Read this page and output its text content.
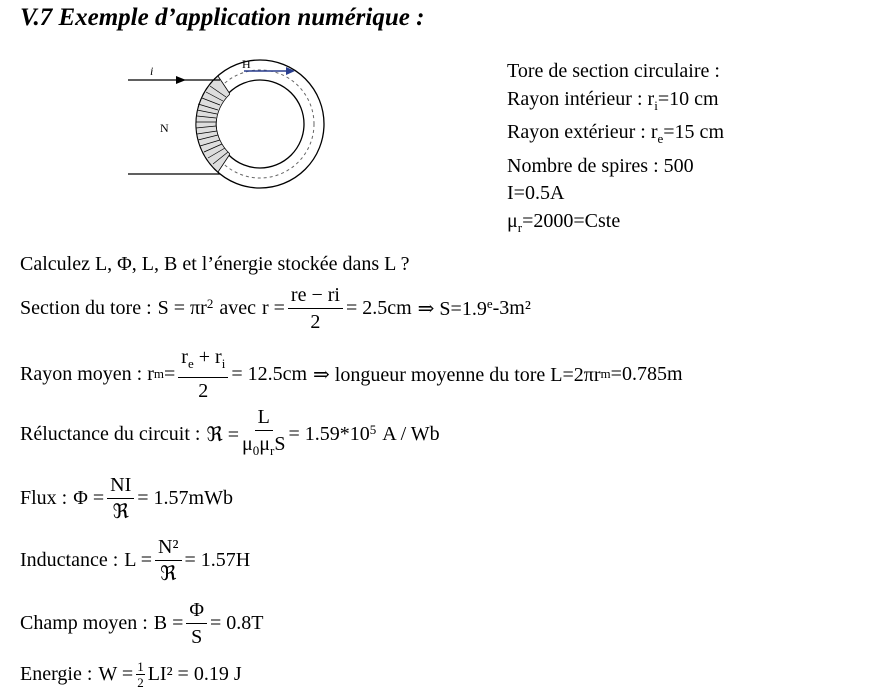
V.7 Exemple d’application numérique :
i
N
H	Tore de section circulaire :
Rayon intérieur : $r_i=10$ cm
Rayon extérieur : $r_e=15$ cm
Nombre de spires : 500
I=0.5A
$\mu_r=2000=Cste$
Calculez L, Φ, L, B et l’énergie stockée dans L ?
Section du tore : $S = \pi r^2$ avec $r = \frac{re - ri}{2} = 2.5cm$ ⇒ S=1.9$^e$ -3m²
Rayon moyen : r $m = \frac{r_e + r_i}{2} = 12.5cm$ ⇒ longueur moyenne du tore L=2πr m =0.785m
Réluctance du circuit : ℜ = $\frac{L}{\mu_0\mu_rS} = 1.59*10^5$ A / Wb
Flux : $\Phi = \frac{NI}{\text{ℜ}} = 1.57mWb$
Inductance : $L = \frac{\text{N²}}{\text{ℜ}} = 1.57H$
Champ moyen : $B = \frac{\Phi}{S} = 0.8T$
Energie : $W = \frac{1}{2} LI^2 = 0.19$ J
